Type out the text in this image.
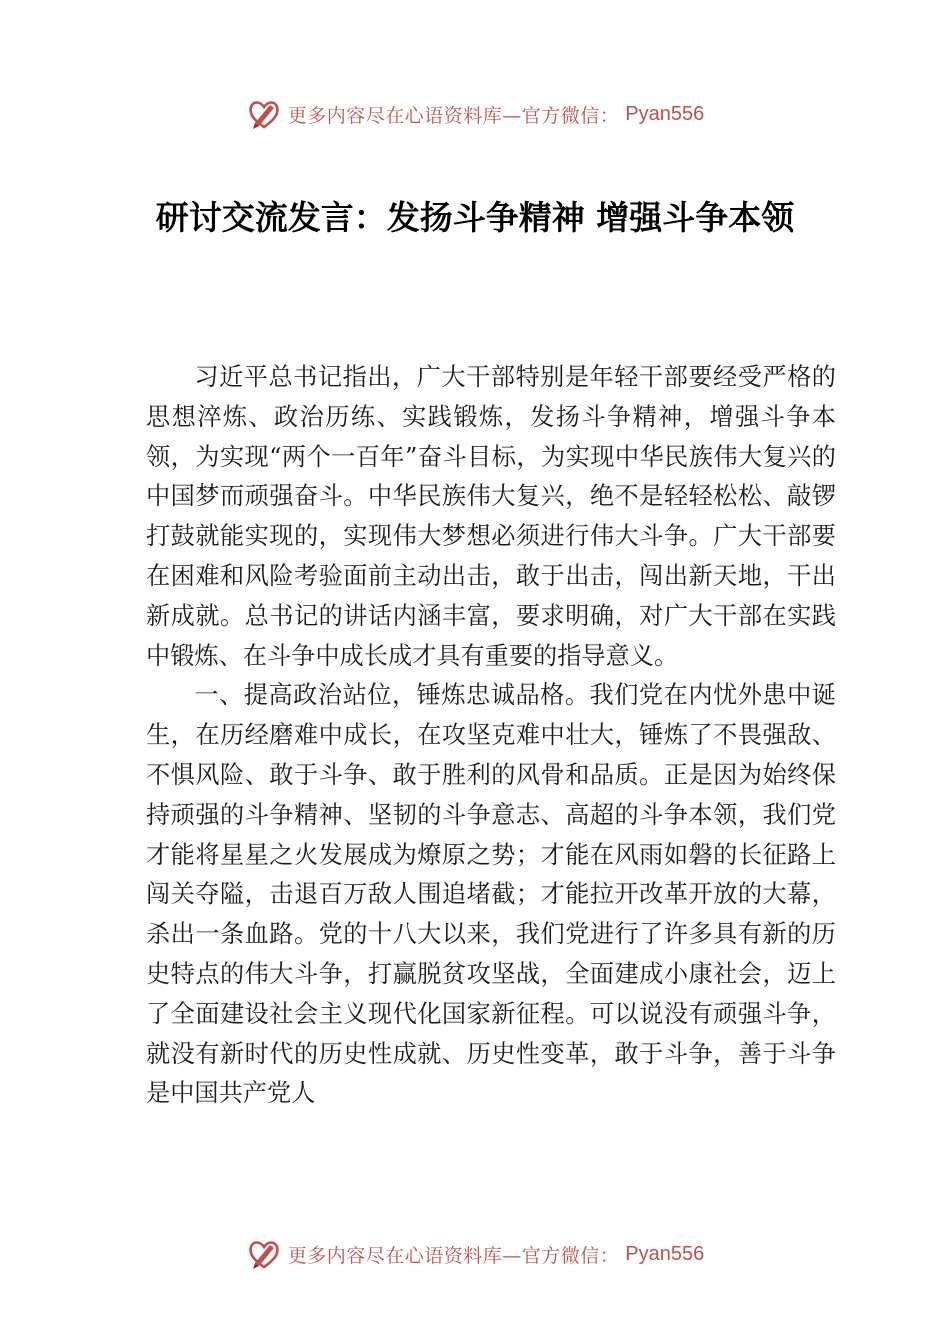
更多内容尽在心语资料库—官方微信： Pyan556
研讨交流发言：发扬斗争精神 增强斗争本领

习近平总书记指出，广大干部特别是年轻干部要经受严格的思想淬炼、政治历练、实践锻炼，发扬斗争精神，增强斗争本领，为实现“两个一百年”奋斗目标，为实现中华民族伟大复兴的中国梦而顽强奋斗。中华民族伟大复兴，绝不是轻轻松松、敲锣打鼓就能实现的，实现伟大梦想必须进行伟大斗争。广大干部要在困难和风险考验面前主动出击，敢于出击，闯出新天地，干出新成就。总书记的讲话内涵丰富，要求明确，对广大干部在实践中锻炼、在斗争中成长成才具有重要的指导意义。

一、提高政治站位，锤炼忠诚品格。我们党在内忧外患中诞生，在历经磨难中成长，在攻坚克难中壮大，锤炼了不畏强敌、不惧风险、敢于斗争、敢于胜利的风骨和品质。正是因为始终保持顽强的斗争精神、坚韧的斗争意志、高超的斗争本领，我们党才能将星星之火发展成为燎原之势；才能在风雨如磐的长征路上闯关夺隘，击退百万敌人围追堵截；才能拉开改革开放的大幕，杀出一条血路。党的十八大以来，我们党进行了许多具有新的历史特点的伟大斗争，打赢脱贫攻坚战，全面建成小康社会，迈上了全面建设社会主义现代化国家新征程。可以说没有顽强斗争，就没有新时代的历史性成就、历史性变革，敢于斗争，善于斗争是中国共产党人

更多内容尽在心语资料库—官方微信： Pyan556
